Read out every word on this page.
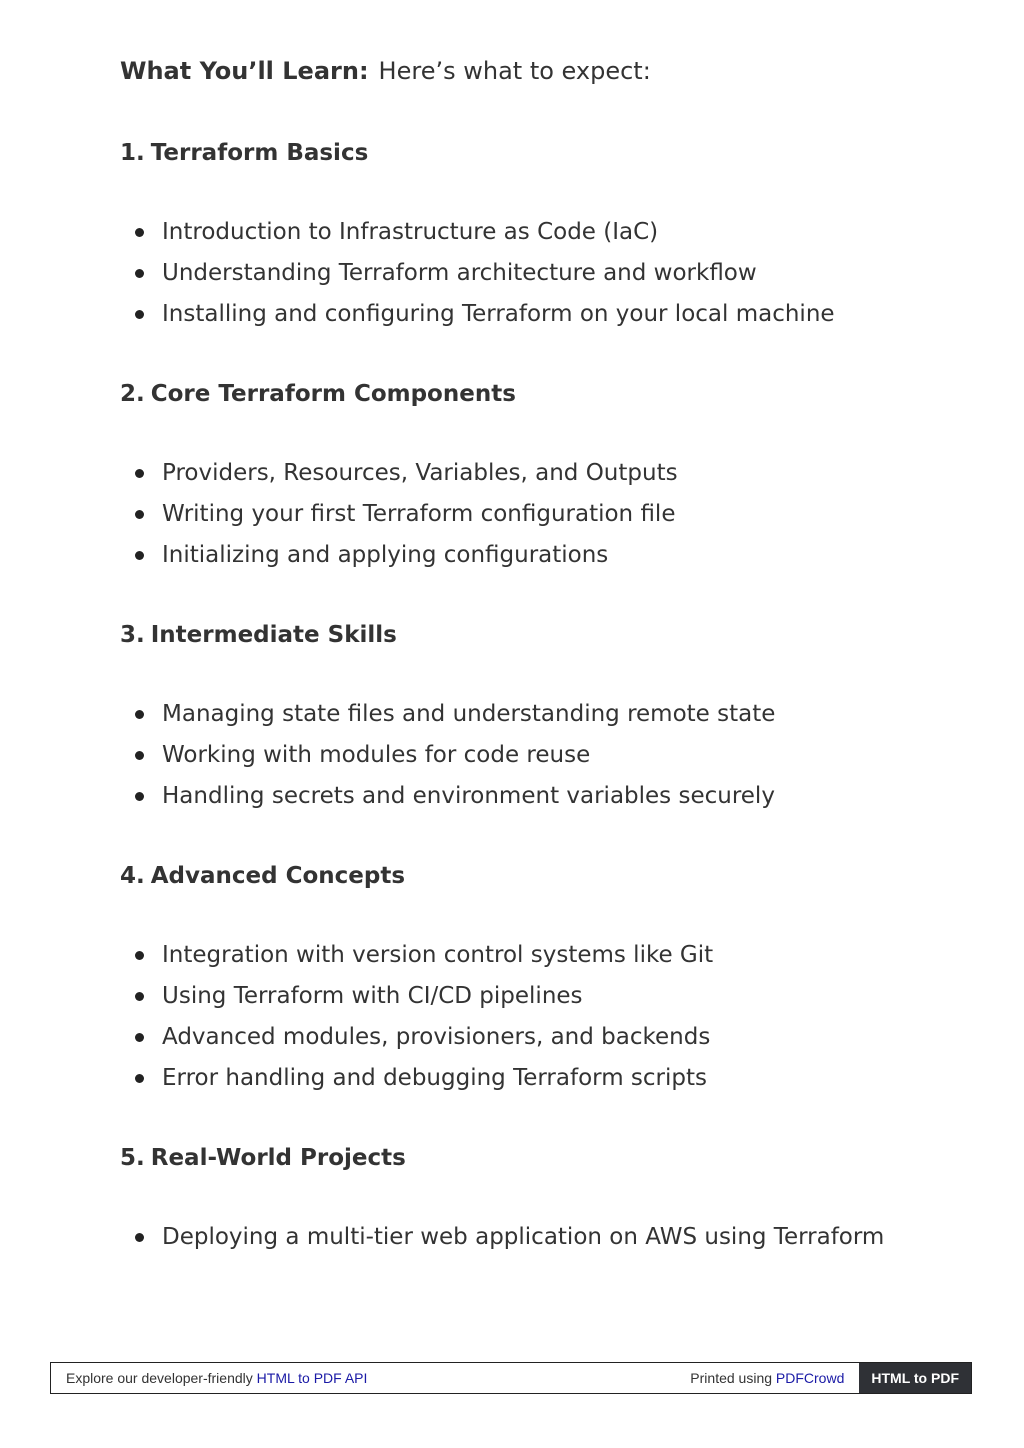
What You’ll Learn: Here’s what to expect:

1. Terraform Basics
Introduction to Infrastructure as Code (IaC)
Understanding Terraform architecture and workflow
Installing and configuring Terraform on your local machine
2. Core Terraform Components
Providers, Resources, Variables, and Outputs
Writing your first Terraform configuration file
Initializing and applying configurations
3. Intermediate Skills
Managing state files and understanding remote state
Working with modules for code reuse
Handling secrets and environment variables securely
4. Advanced Concepts
Integration with version control systems like Git
Using Terraform with CI/CD pipelines
Advanced modules, provisioners, and backends
Error handling and debugging Terraform scripts
5. Real-World Projects
Deploying a multi-tier web application on AWS using Terraform
Explore our developer-friendly HTML to PDF API	Printed using PDFCrowd	HTML to PDF
